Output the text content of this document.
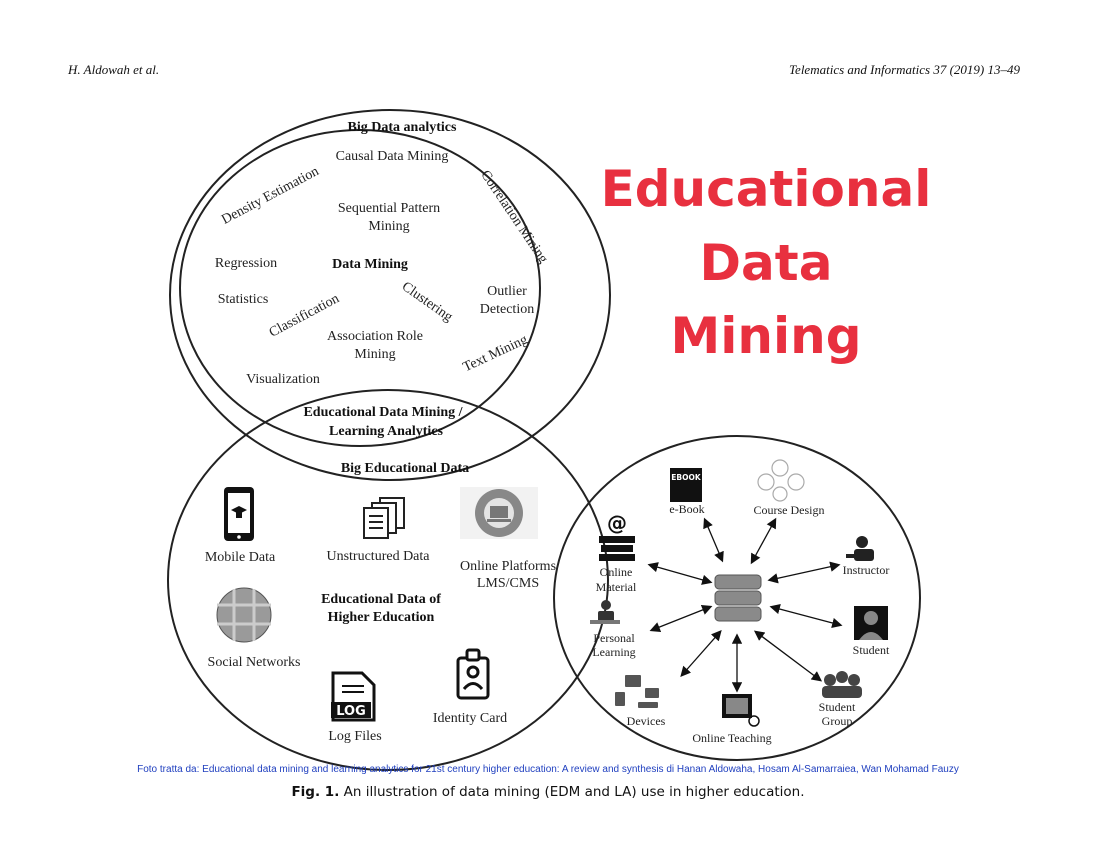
H. Aldowah et al.	Telematics and Informatics 37 (2019) 13–49
Educational
Data
Mining
Big Data analytics
Causal Data Mining
Density Estimation	Correlation Mining
Sequential Pattern
Mining
Regression	Data Mining
Statistics	Clustering Outlier
Detection
Classification
Association Role
Mining	Text Mining
Visualization
Educational Data Mining /
Learning Analytics
Big Educational Data
Mobile Data	Unstructured Data
Online Platforms
LMS/CMS
Educational Data of
Higher Education
Social Networks
LOG
Log Files
Identity Card
EBOOK
e-Book	Course Design
Instructor
@
Online
Material
Personal
Learning	Student
Devices
Online Teaching
Student
Group
Foto tratta da: Educational data mining and learning analytics for 21st century higher education: A review and synthesis di Hanan Aldowaha, Hosam Al-Samarraiea, Wan Mohamad Fauzy
Fig. 1. An illustration of data mining (EDM and LA) use in higher education.
